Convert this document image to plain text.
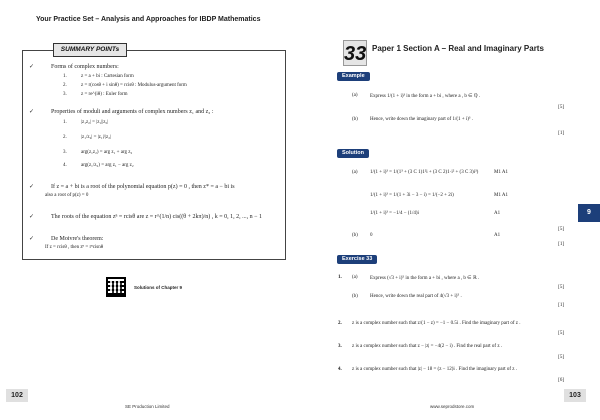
Your Practice Set – Analysis and Approaches for IBDP Mathematics
SUMMARY POINTs
✓	Forms of complex numbers:
1.	z = a + bi : Cartesian form
2.	z = r(cosθ + i sinθ) = rcisθ : Modulus-argument form
3.	z = re^(iθ) : Euler form
✓	Properties of moduli and arguments of complex numbers z₁ and z₂ :
1.	|z₁z₂| = |z₁||z₂|
2.	|z₁/z₂| = |z₁|/|z₂|
3.	arg(z₁z₂) = arg z₁ + arg z₂
4.	arg(z₁/z₂) = arg z₁ − arg z₂
✓	If z = a + bi is a root of the polynomial equation p(z) = 0 , then z* = a − bi is
also a root of p(z) = 0
✓	The roots of the equation zⁿ = rcisθ are z = r^(1/n) cis((θ + 2kπ)/n) , k = 0, 1, 2, ..., n − 1
✓	De Moivre's theorem:
If z = rcisθ , then zⁿ = rⁿcisnθ
Solutions of Chapter 9
33 Paper 1 Section A – Real and Imaginary Parts
Example
(a) Express 1/(1 + i)³ in the form a + bi , where a , b ∈ ℚ .
[5]
(b) Hence, write down the imaginary part of 1/(1 + i)³ .
[1]
Solution
(a) 1/(1 + i)³ = 1/(1³ + (3 C 1)1²i + (3 C 2)1·i² + (3 C 3)i³)	M1 A1
1/(1 + i)³ = 1/(1 + 3i − 3 − i) = 1/(−2 + 2i)	M1 A1
1/(1 + i)³ = −1/4 − (1/4)i	A1
[5]
(b) 0	A1
[1]
Exercise 33
1. (a) Express (√3 + i)⁵ in the form a + bi , where a , b ∈ ℝ .
[5]
(b) Hence, write down the real part of 4(√3 + i)⁵ .
[1]
2. z is a complex number such that z/(1 − z) = −1 − 0.5i . Find the imaginary part of z .
[5]
3. z is a complex number such that z − |z| = −4(2 − i) . Find the real part of z .
[5]
4. z is a complex number such that |z| − 18 = (z − 12)i . Find the imaginary part of z .
[6]
9
102	103
SE Production Limited	www.seprodstore.com
